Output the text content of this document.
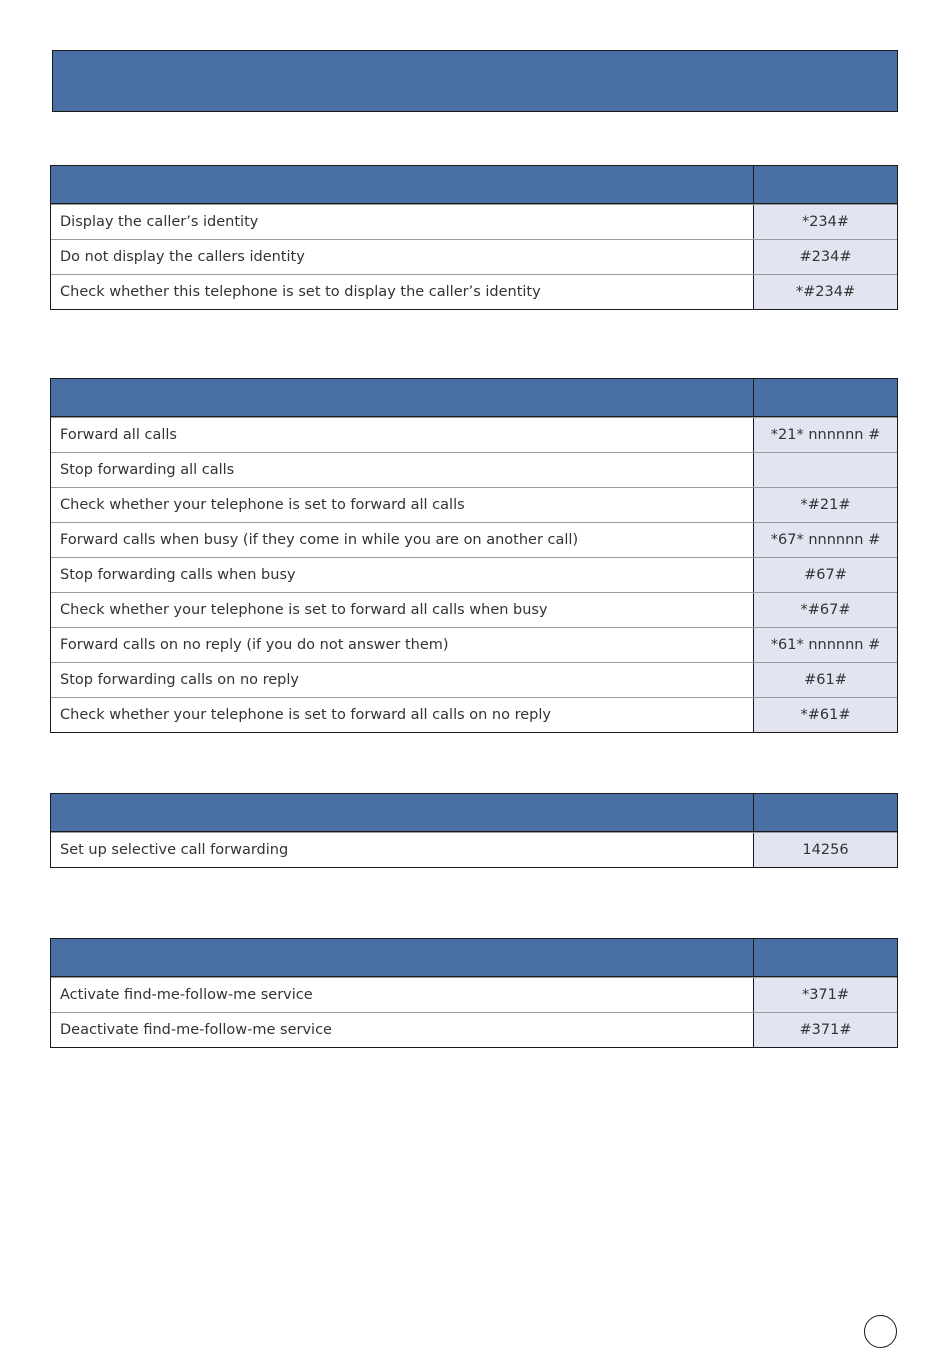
Display the caller’s identity	*234#
Do not display the callers identity	#234#
Check whether this telephone is set to display the caller’s identity	*#234#
Forward all calls	*21* nnnnnn #
Stop forwarding all calls
Check whether your telephone is set to forward all calls	*#21#
Forward calls when busy (if they come in while you are on another call)	*67* nnnnnn #
Stop forwarding calls when busy	#67#
Check whether your telephone is set to forward all calls when busy	*#67#
Forward calls on no reply (if you do not answer them)	*61* nnnnnn #
Stop forwarding calls on no reply	#61#
Check whether your telephone is set to forward all calls on no reply	*#61#
Set up selective call forwarding	14256
Activate find-me-follow-me service	*371#
Deactivate find-me-follow-me service	#371#
